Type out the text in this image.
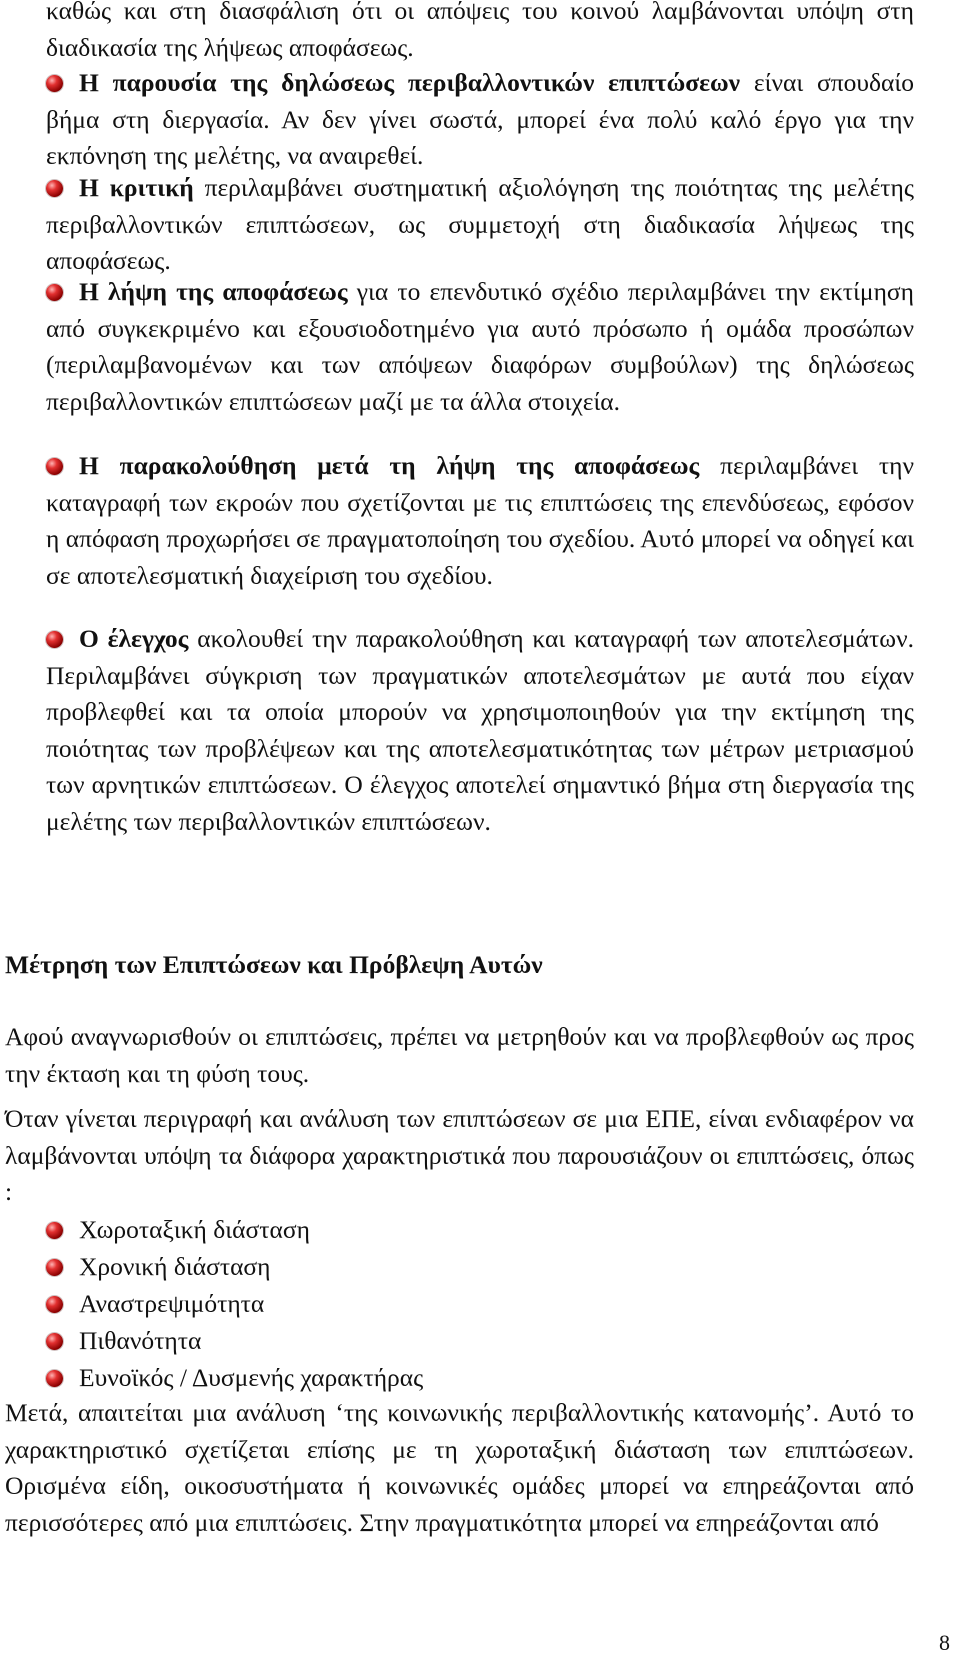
καθώς και στη διασφάλιση ότι οι απόψεις του κοινού λαμβάνονται υπόψη στη διαδικασία της λήψεως αποφάσεως.

Η παρουσία της δηλώσεως περιβαλλοντικών επιπτώσεων είναι σπουδαίο βήμα στη διεργασία. Αν δεν γίνει σωστά, μπορεί ένα πολύ καλό έργο για την εκπόνηση της μελέτης, να αναιρεθεί.

Η κριτική περιλαμβάνει συστηματική αξιολόγηση της ποιότητας της μελέτης περιβαλλοντικών επιπτώσεων, ως συμμετοχή στη διαδικασία λήψεως της αποφάσεως.

Η λήψη της αποφάσεως για το επενδυτικό σχέδιο περιλαμβάνει την εκτίμηση από συγκεκριμένο και εξουσιοδοτημένο για αυτό πρόσωπο ή ομάδα προσώπων (περιλαμβανομένων και των απόψεων διαφόρων συμβούλων) της δηλώσεως περιβαλλοντικών επιπτώσεων μαζί με τα άλλα στοιχεία.

Η παρακολούθηση μετά τη λήψη της αποφάσεως περιλαμβάνει την καταγραφή των εκροών που σχετίζονται με τις επιπτώσεις της επενδύσεως, εφόσον η απόφαση προχωρήσει σε πραγματοποίηση του σχεδίου. Αυτό μπορεί να οδηγεί και σε αποτελεσματική διαχείριση του σχεδίου.

Ο έλεγχος ακολουθεί την παρακολούθηση και καταγραφή των αποτελεσμάτων. Περιλαμβάνει σύγκριση των πραγματικών αποτελεσμάτων με αυτά που είχαν προβλεφθεί και τα οποία μπορούν να χρησιμοποιηθούν για την εκτίμηση της ποιότητας των προβλέψεων και της αποτελεσματικότητας των μέτρων μετριασμού των αρνητικών επιπτώσεων. Ο έλεγχος αποτελεί σημαντικό βήμα στη διεργασία της μελέτης των περιβαλλοντικών επιπτώσεων.

Μέτρηση των Επιπτώσεων και Πρόβλεψη Αυτών

Αφού αναγνωρισθούν οι επιπτώσεις, πρέπει να μετρηθούν και να προβλεφθούν ως προς την έκταση και τη φύση τους.

Όταν γίνεται περιγραφή και ανάλυση των επιπτώσεων σε μια ΕΠΕ, είναι ενδιαφέρον να λαμβάνονται υπόψη τα διάφορα χαρακτηριστικά που παρουσιάζουν οι επιπτώσεις, όπως :

Χωροταξική διάσταση
Χρονική διάσταση
Αναστρεψιμότητα
Πιθανότητα
Ευνοϊκός / Δυσμενής χαρακτήρας

Μετά, απαιτείται μια ανάλυση ‘της κοινωνικής περιβαλλοντικής κατανομής’. Αυτό το χαρακτηριστικό σχετίζεται επίσης με τη χωροταξική διάσταση των επιπτώσεων. Ορισμένα είδη, οικοσυστήματα ή κοινωνικές ομάδες μπορεί να επηρεάζονται από περισσότερες από μια επιπτώσεις. Στην πραγματικότητα μπορεί να επηρεάζονται από

8
